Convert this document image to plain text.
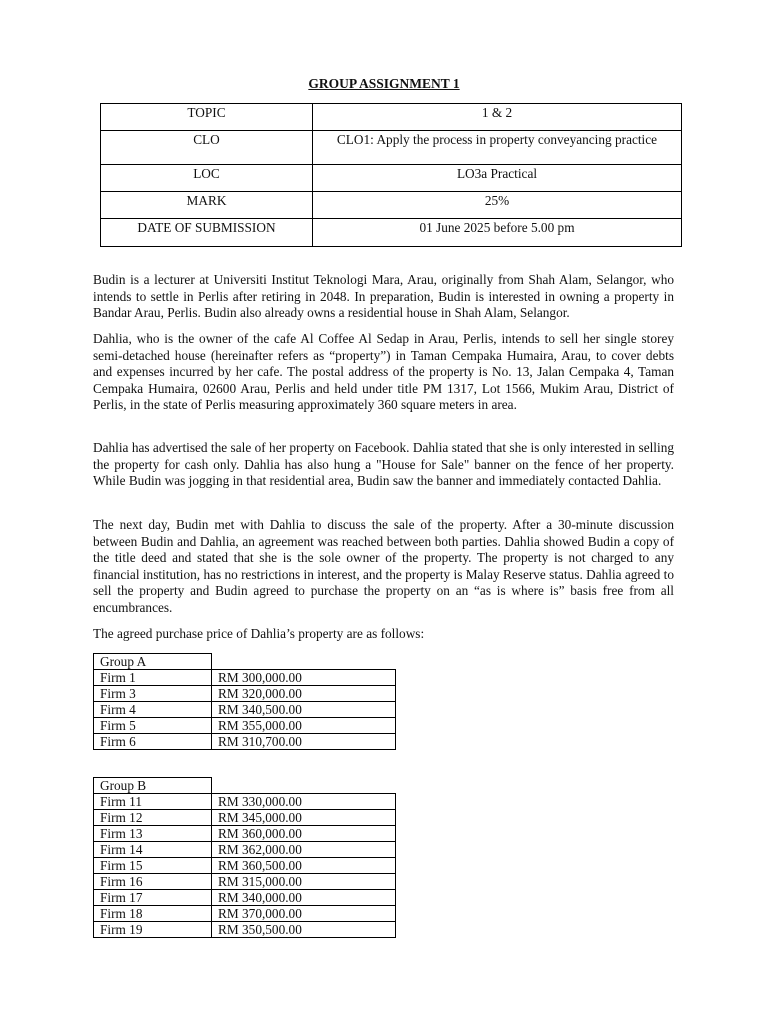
GROUP ASSIGNMENT 1
TOPIC	1 & 2
CLO	CLO1: Apply the process in property conveyancing practice
LOC	LO3a Practical
MARK	25%
DATE OF SUBMISSION	01 June 2025 before 5.00 pm

Budin is a lecturer at Universiti Institut Teknologi Mara, Arau, originally from Shah Alam, Selangor, who intends to settle in Perlis after retiring in 2048. In preparation, Budin is interested in owning a property in Bandar Arau, Perlis. Budin also already owns a residential house in Shah Alam, Selangor.

Dahlia, who is the owner of the cafe Al Coffee Al Sedap in Arau, Perlis, intends to sell her single storey semi-detached house (hereinafter refers as “property”) in Taman Cempaka Humaira, Arau, to cover debts and expenses incurred by her cafe. The postal address of the property is No. 13, Jalan Cempaka 4, Taman Cempaka Humaira, 02600 Arau, Perlis and held under title PM 1317, Lot 1566, Mukim Arau, District of Perlis, in the state of Perlis measuring approximately 360 square meters in area.

Dahlia has advertised the sale of her property on Facebook. Dahlia stated that she is only interested in selling the property for cash only. Dahlia has also hung a "House for Sale" banner on the fence of her property. While Budin was jogging in that residential area, Budin saw the banner and immediately contacted Dahlia.

The next day, Budin met with Dahlia to discuss the sale of the property. After a 30-minute discussion between Budin and Dahlia, an agreement was reached between both parties. Dahlia showed Budin a copy of the title deed and stated that she is the sole owner of the property. The property is not charged to any financial institution, has no restrictions in interest, and the property is Malay Reserve status. Dahlia agreed to sell the property and Budin agreed to purchase the property on an “as is where is” basis free from all encumbrances.

The agreed purchase price of Dahlia’s property are as follows:

Group A	
Firm 1	RM 300,000.00
Firm 3	RM 320,000.00
Firm 4	RM 340,500.00
Firm 5	RM 355,000.00
Firm 6	RM 310,700.00
Group B	
Firm 11	RM 330,000.00
Firm 12	RM 345,000.00
Firm 13	RM 360,000.00
Firm 14	RM 362,000.00
Firm 15	RM 360,500.00
Firm 16	RM 315,000.00
Firm 17	RM 340,000.00
Firm 18	RM 370,000.00
Firm 19	RM 350,500.00
